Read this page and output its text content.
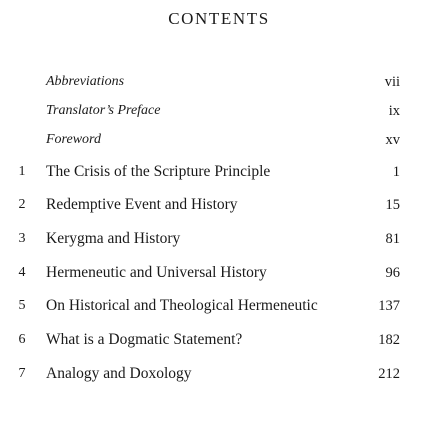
CONTENTS
Abbreviations	vii
Translator’s Preface	ix
Foreword	xv
1 The Crisis of the Scripture Principle	1
2 Redemptive Event and History	15
3 Kerygma and History	81
4 Hermeneutic and Universal History	96
5 On Historical and Theological Hermeneutic	137
6 What is a Dogmatic Statement?	182
7 Analogy and Doxology	212
